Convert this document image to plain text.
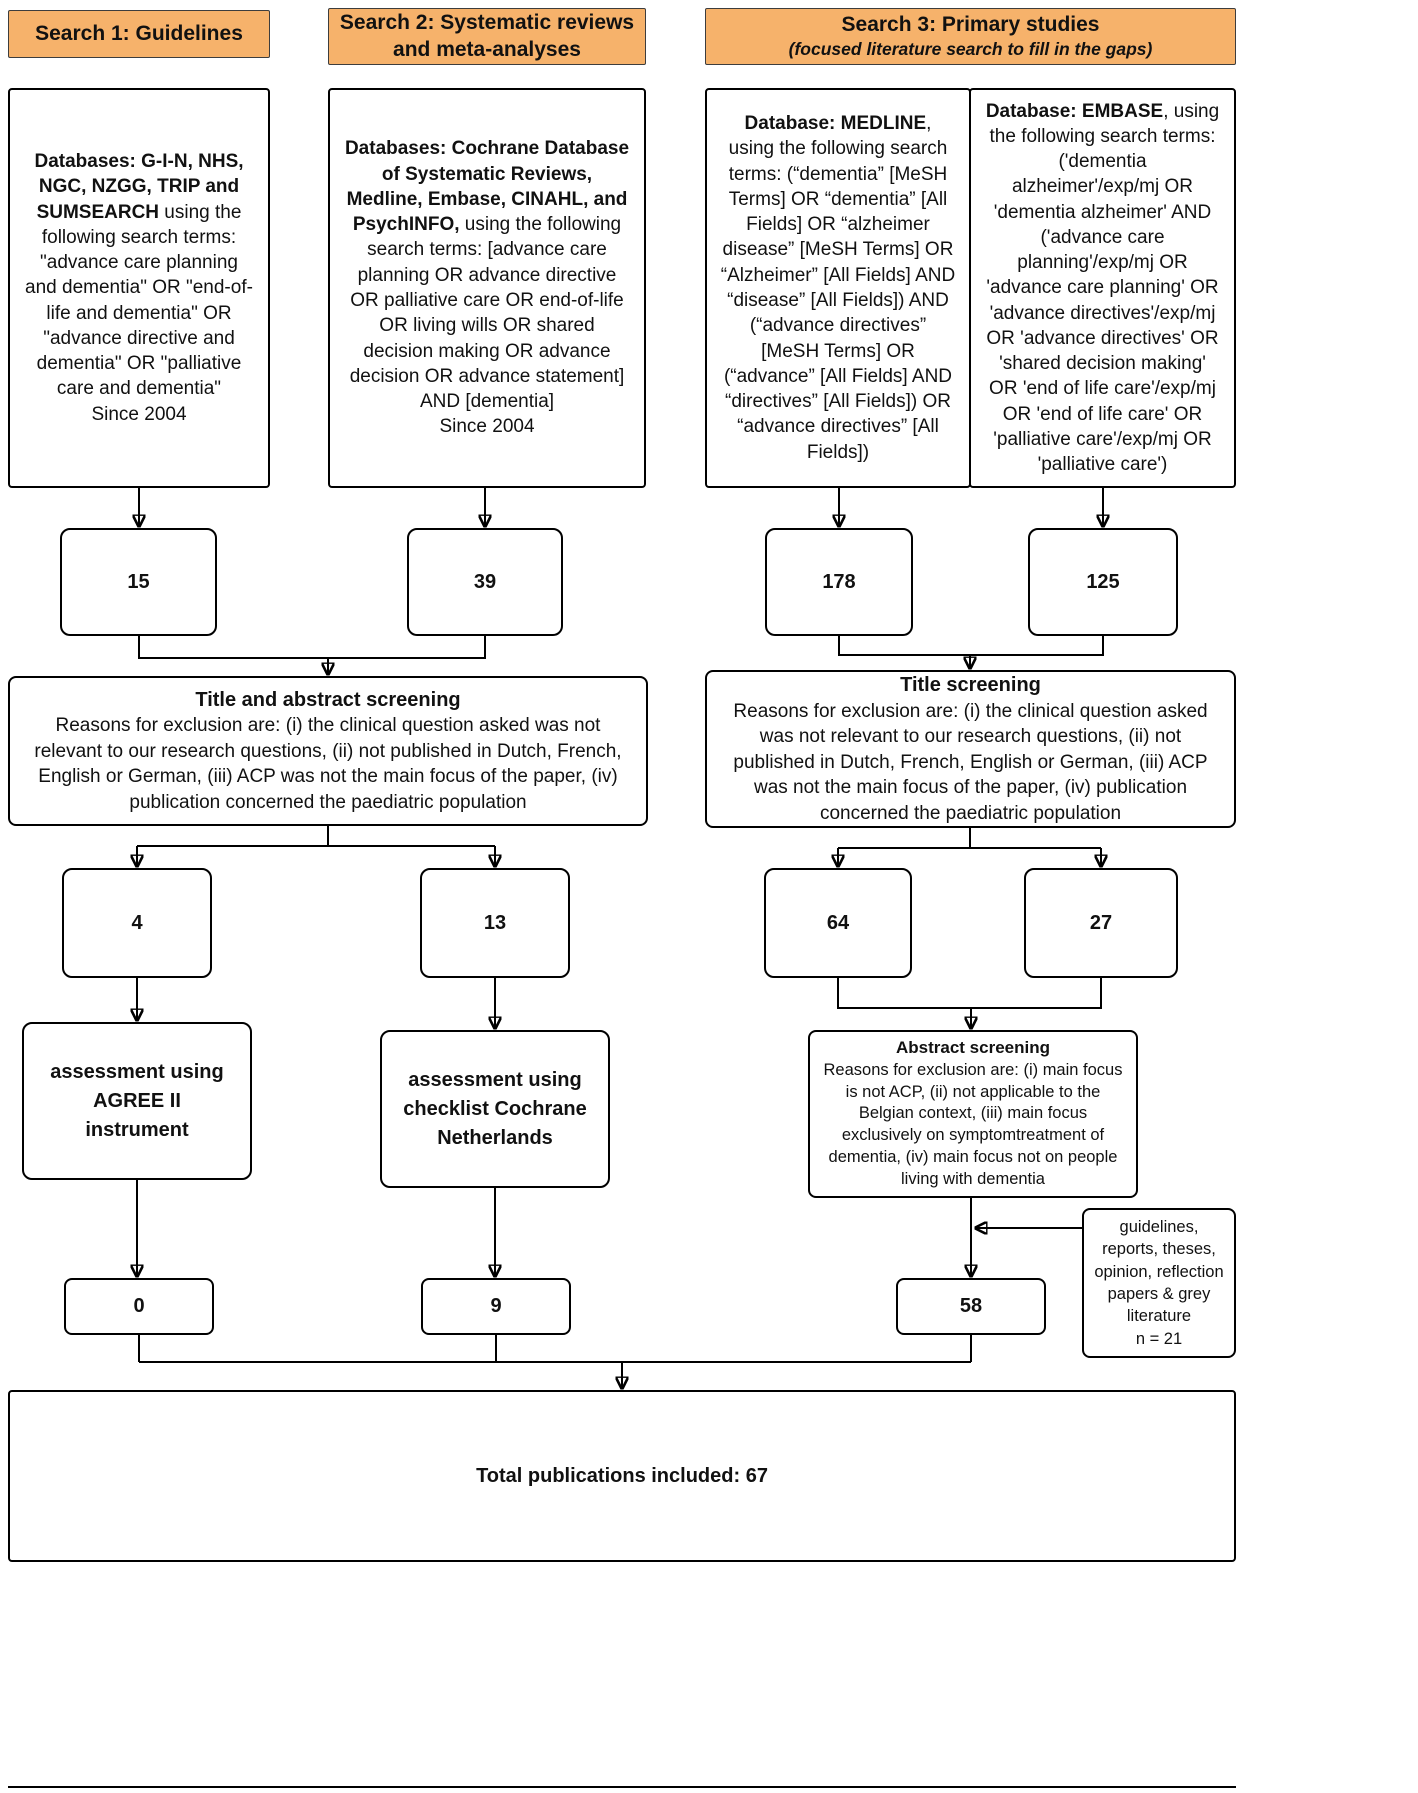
Search 1: Guidelines	Search 2: Systematic reviews and meta-analyses
Search 3: Primary studies
(focused literature search to fill in the gaps)

Databases: G-I-N, NHS, NGC, NZGG, TRIP and SUMSEARCH using the following search terms: "advance care planning and dementia" OR "end-of-life and dementia" OR "advance directive and dementia" OR "palliative care and dementia"

Since 2004

Databases: Cochrane Database of Systematic Reviews, Medline, Embase, CINAHL, and PsychINFO, using the following search terms: [advance care planning OR advance directive OR palliative care OR end-of-life OR living wills OR shared decision making OR advance decision OR advance statement] AND [dementia]

Since 2004

Database: MEDLINE, using the following search terms: (“dementia” [MeSH Terms] OR “dementia” [All Fields] OR “alzheimer disease” [MeSH Terms] OR “Alzheimer” [All Fields] AND “disease” [All Fields]) AND (“advance directives” [MeSH Terms] OR (“advance” [All Fields] AND “directives” [All Fields]) OR “advance directives” [All Fields])

Database: EMBASE, using the following search terms: ('dementia alzheimer'/exp/mj OR 'dementia alzheimer' AND ('advance care planning'/exp/mj OR 'advance care planning' OR 'advance directives'/exp/mj OR 'advance directives' OR 'shared decision making' OR 'end of life care'/exp/mj OR 'end of life care' OR 'palliative care'/exp/mj OR 'palliative care')

15	39	178	125
Title and abstract screening
Reasons for exclusion are: (i) the clinical question asked was not relevant to our research questions, (ii) not published in Dutch, French, English or German, (iii) ACP was not the main focus of the paper, (iv) publication concerned the paediatric population
Title screening
Reasons for exclusion are: (i) the clinical question asked was not relevant to our research questions, (ii) not published in Dutch, French, English or German, (iii) ACP was not the main focus of the paper, (iv) publication concerned the paediatric population
4	13	64	27
assessment using AGREE II instrument
assessment using checklist Cochrane Netherlands
Abstract screening
Reasons for exclusion are: (i) main focus is not ACP, (ii) not applicable to the Belgian context, (iii) main focus exclusively on symptomtreatment of dementia, (iv) main focus not on people living with dementia
guidelines, reports, theses, opinion, reflection papers & grey literature
n = 21
0	9	58
Total publications included: 67
